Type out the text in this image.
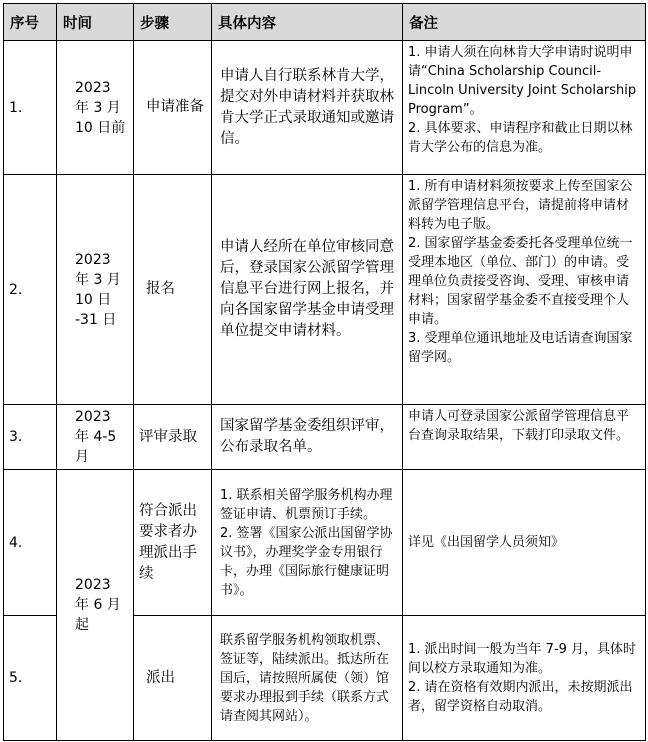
序号	时间	步骤	具体内容	备注
1.	2023 年 3 月 10 日前	申请准备	申请人自行联系林肯大学，提交对外申请材料并获取林肯大学正式录取通知或邀请信。	1. 申请人须在向林肯大学申请时说明申请“China Scholarship Council- Lincoln University Joint Scholarship Program”。
2. 具体要求、申请程序和截止日期以林肯大学公布的信息为准。

2.	2023 年 3 月 10 日 -31 日	报名	申请人经所在单位审核同意后，登录国家公派留学管理信息平台进行网上报名，并向各国家留学基金申请受理单位提交申请材料。	1. 所有申请材料须按要求上传至国家公派留学管理信息平台，请提前将申请材料转为电子版。
2. 国家留学基金委委托各受理单位统一受理本地区（单位、部门）的申请。受理单位负责接受咨询、受理、审核申请材料；国家留学基金委不直接受理个人申请。
3. 受理单位通讯地址及电话请查询国家留学网。

3.	2023 年 4-5 月	评审录取	国家留学基金委组织评审，公布录取名单。	申请人可登录国家公派留学管理信息平台查询录取结果，下载打印录取文件。

4.	2023 年 6 月起	符合派出要求者办理派出手续	1. 联系相关留学服务机构办理签证申请、机票预订手续。
2. 签署《国家公派出国留学协议书》，办理奖学金专用银行卡，办理《国际旅行健康证明书》。	详见《出国留学人员须知》

5.		派出	联系留学服务机构领取机票、签证等，陆续派出。抵达所在国后，请按照所属使（领）馆要求办理报到手续（联系方式请查阅其网站）。	1. 派出时间一般为当年 7-9 月，具体时间以校方录取通知为准。
2. 请在资格有效期内派出，未按期派出者，留学资格自动取消。
